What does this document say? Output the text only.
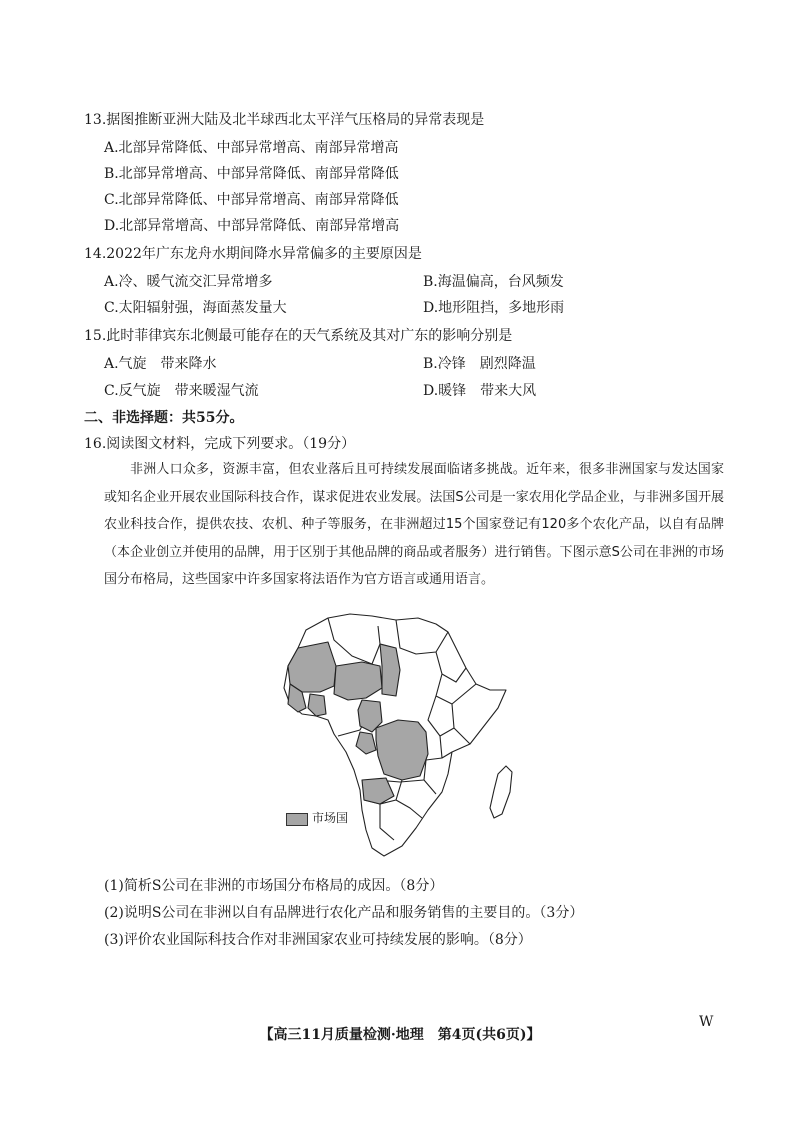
13.据图推断亚洲大陆及北半球西北太平洋气压格局的异常表现是
A.北部异常降低、中部异常增高、南部异常增高
B.北部异常增高、中部异常降低、南部异常降低
C.北部异常降低、中部异常增高、南部异常降低
D.北部异常增高、中部异常降低、南部异常增高
14.2022年广东龙舟水期间降水异常偏多的主要原因是
A.冷、暖气流交汇异常增多	B.海温偏高，台风频发
C.太阳辐射强，海面蒸发量大	D.地形阻挡，多地形雨
15.此时菲律宾东北侧最可能存在的天气系统及其对广东的影响分别是
A.气旋　带来降水	B.冷锋　剧烈降温
C.反气旋　带来暖湿气流	D.暖锋　带来大风
二、非选择题：共55分。
16.阅读图文材料，完成下列要求。（19分）

非洲人口众多，资源丰富，但农业落后且可持续发展面临诸多挑战。近年来，很多非洲国家与发达国家或知名企业开展农业国际科技合作，谋求促进农业发展。法国S公司是一家农用化学品企业，与非洲多国开展农业科技合作，提供农技、农机、种子等服务，在非洲超过15个国家登记有120多个农化产品，以自有品牌（本企业创立并使用的品牌，用于区别于其他品牌的商品或者服务）进行销售。下图示意S公司在非洲的市场国分布格局，这些国家中许多国家将法语作为官方语言或通用语言。

市场国
(1)简析S公司在非洲的市场国分布格局的成因。（8分）
(2)说明S公司在非洲以自有品牌进行农化产品和服务销售的主要目的。（3分）
(3)评价农业国际科技合作对非洲国家农业可持续发展的影响。（8分）
【高三11月质量检测·地理　第4页(共6页)】
W
